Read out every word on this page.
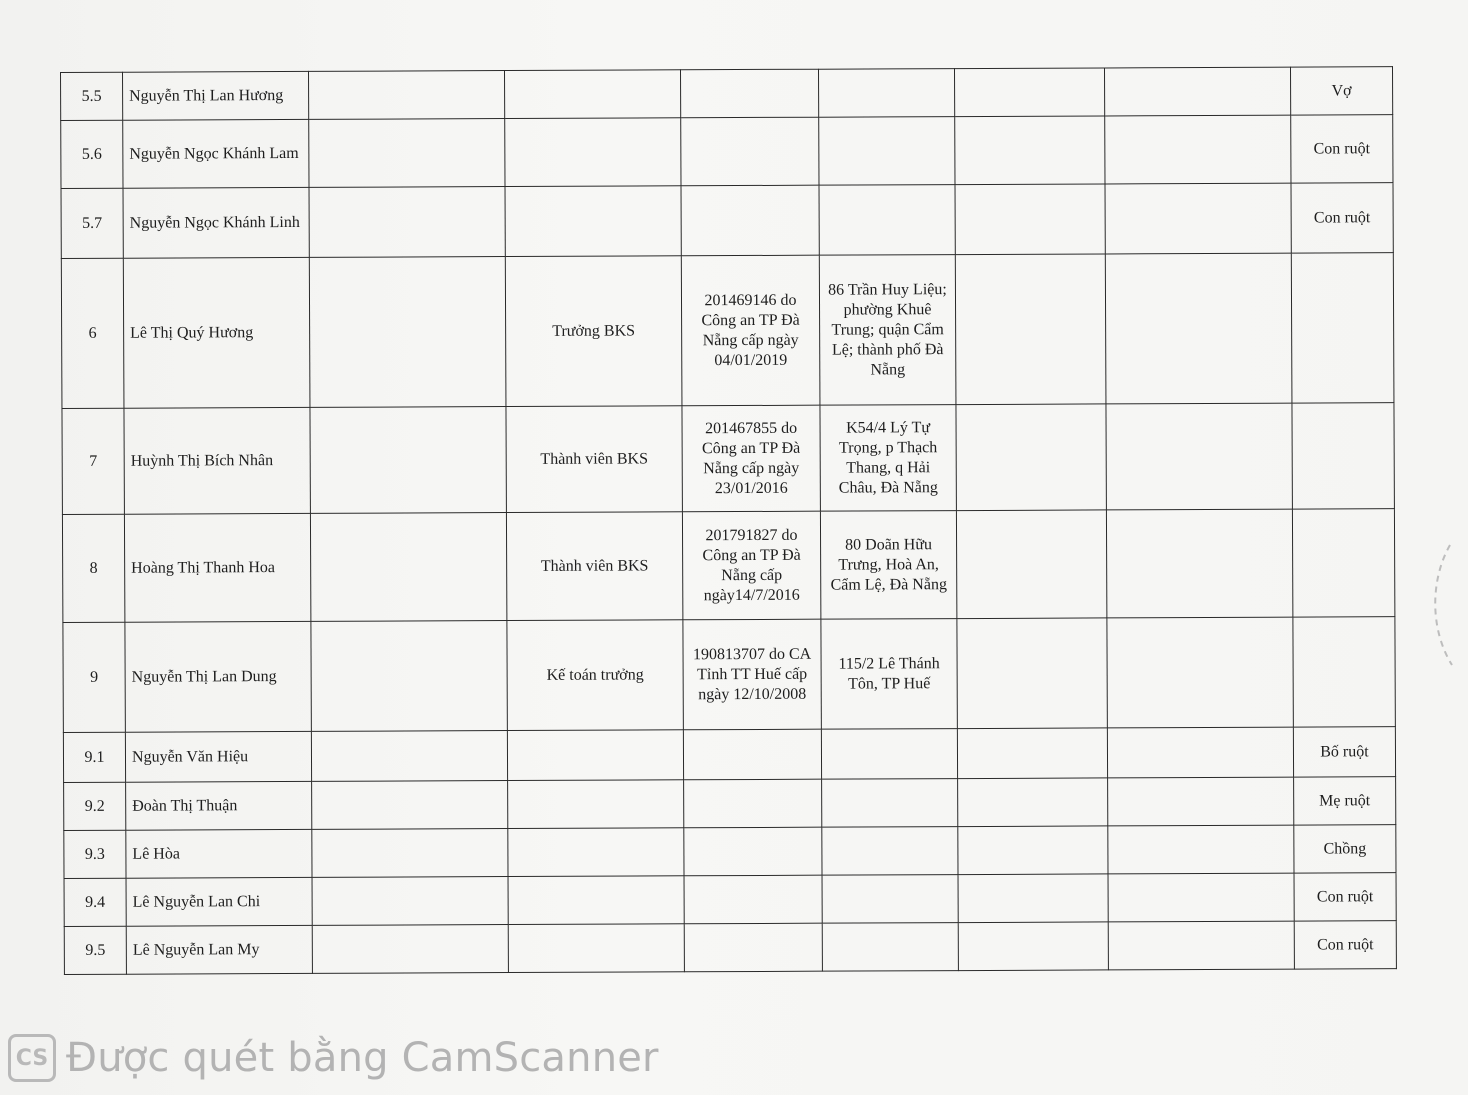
5.5	Nguyễn Thị Lan Hương							Vợ
5.6	Nguyễn Ngọc Khánh Lam							Con ruột
5.7	Nguyễn Ngọc Khánh Linh							Con ruột
6	Lê Thị Quý Hương		Trưởng BKS	201469146 do Công an TP Đà Nẵng cấp ngày 04/01/2019	86 Trần Huy Liệu; phường Khuê Trung; quận Cẩm Lệ; thành phố Đà Nẵng			
7	Huỳnh Thị Bích Nhân		Thành viên BKS	201467855 do Công an TP Đà Nẵng cấp ngày 23/01/2016	K54/4 Lý Tự Trọng, p Thạch Thang, q Hải Châu, Đà Nẵng			
8	Hoàng Thị Thanh Hoa		Thành viên BKS	201791827 do Công an TP Đà Nẵng cấp ngày14/7/2016	80 Doãn Hữu Trưng, Hoà An, Cẩm Lệ, Đà Nẵng			
9	Nguyễn Thị Lan Dung		Kế toán trưởng	190813707 do CA Tỉnh TT Huế cấp ngày 12/10/2008	115/2 Lê Thánh Tôn, TP Huế			
9.1	Nguyễn Văn Hiệu							Bố ruột
9.2	Đoàn Thị Thuận							Mẹ ruột
9.3	Lê Hòa							Chồng
9.4	Lê Nguyễn Lan Chi							Con ruột
9.5	Lê Nguyễn Lan My							Con ruột
CS Được quét bằng CamScanner
